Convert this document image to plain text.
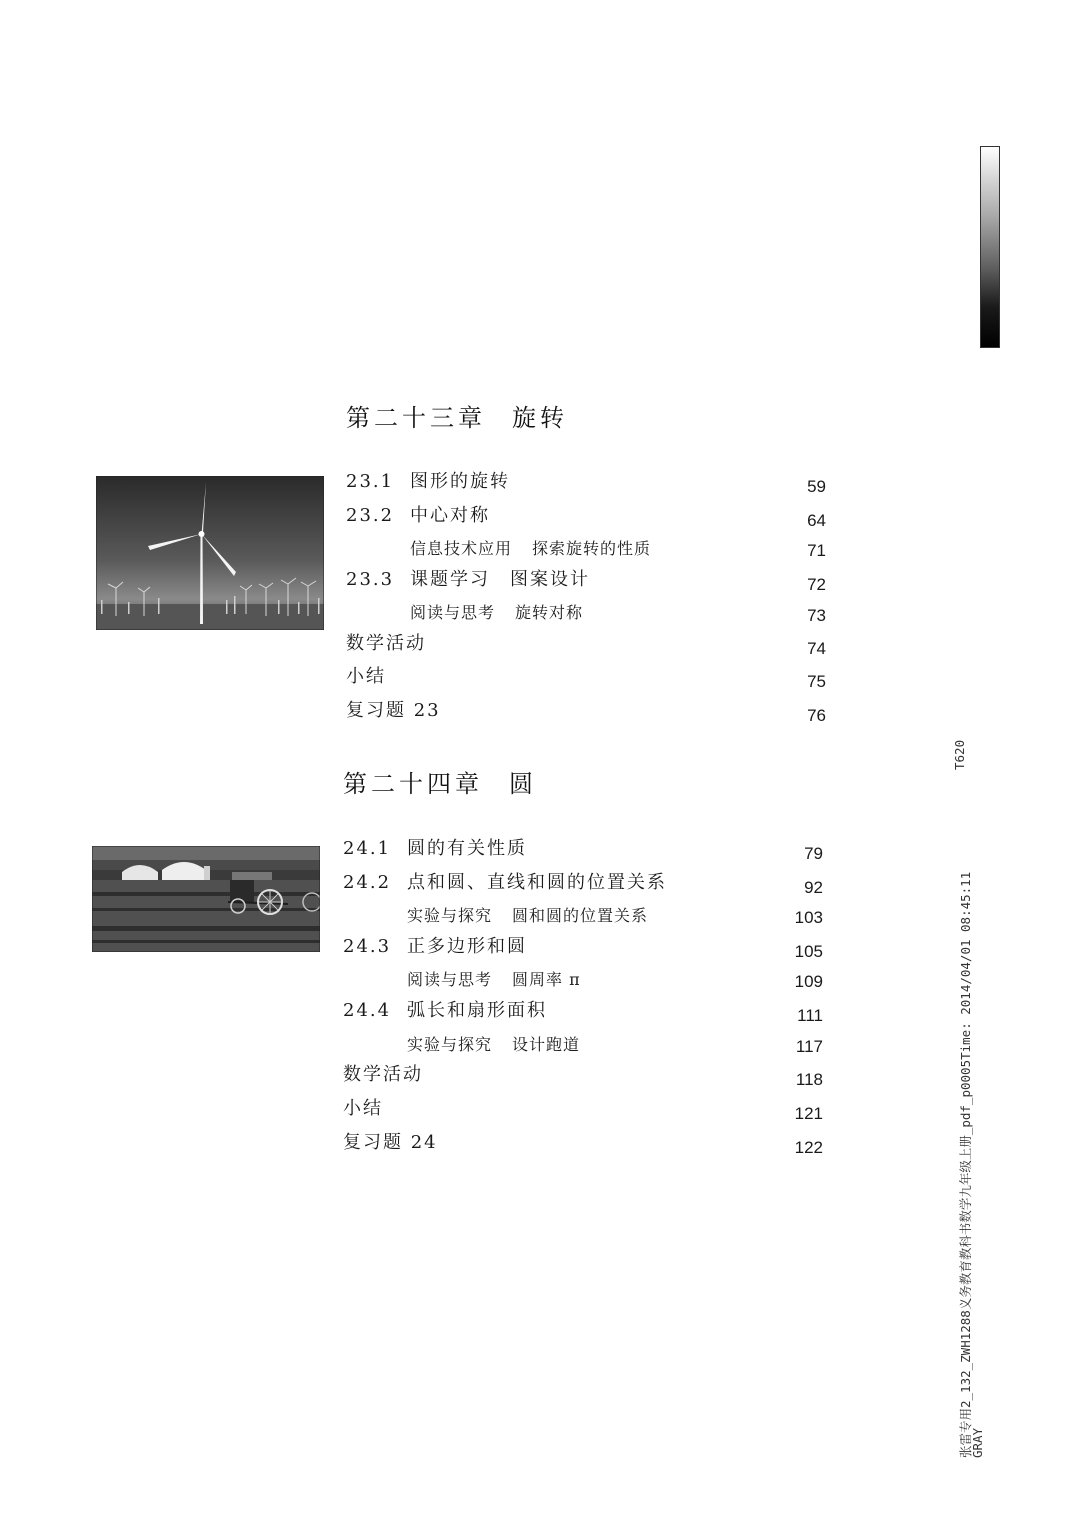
第二十三章 旋转
23.1 图形的旋转	59
23.2 中心对称	64
信息技术应用 探索旋转的性质	71
23.3 课题学习 图案设计	72
阅读与思考 旋转对称	73
数学活动	74
小结	75
复习题 23	76
第二十四章 圆
24.1 圆的有关性质	79
24.2 点和圆、直线和圆的位置关系	92
实验与探究 圆和圆的位置关系	103
24.3 正多边形和圆	105
阅读与思考 圆周率 π	109
24.4 弧长和扇形面积	111
实验与探究 设计跑道	117
数学活动	118
小结	121
复习题 24	122
T620
张雷专用2_132_ZWH1288义务教育教科书数学九年级上册_pdf_p0005Time: 2014/04/01 08:45:11
GRAY
